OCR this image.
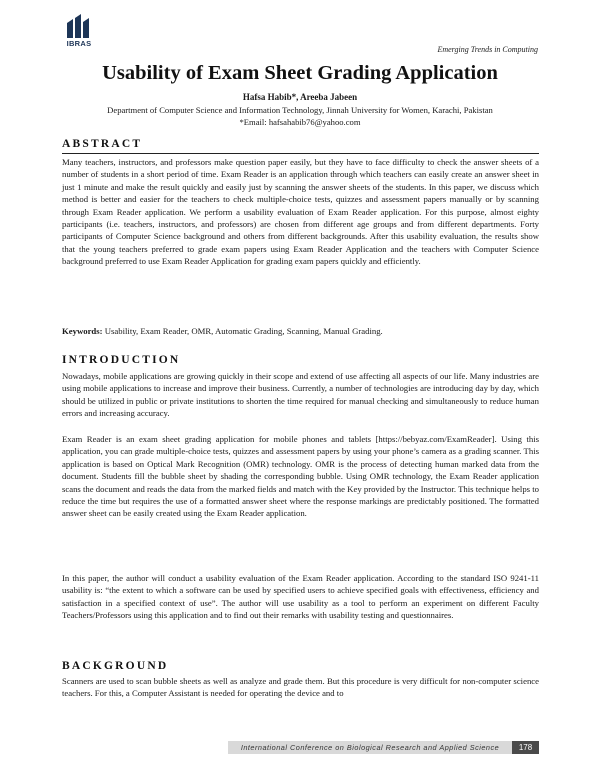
IBRAS
Emerging Trends in Computing
Usability of Exam Sheet Grading Application
Hafsa Habib*, Areeba Jabeen
Department of Computer Science and Information Technology, Jinnah University for Women, Karachi, Pakistan
*Email: hafsahabib76@yahoo.com
ABSTRACT

Many teachers, instructors, and professors make question paper easily, but they have to face difficulty to check the answer sheets of a number of students in a short period of time. Exam Reader is an application through which teachers can easily create an answer sheet in just 1 minute and make the result quickly and easily just by scanning the answer sheets of the students. In this paper, we discuss which method is better and easier for the teachers to check multiple-choice tests, quizzes and assessment papers manually or by scanning through Exam Reader application. We perform a usability evaluation of Exam Reader application. For this purpose, almost eighty participants (i.e. teachers, instructors, and professors) are chosen from different age groups and from different departments. Forty participants of Computer Science background and others from different backgrounds. After this usability evaluation, the results show that the young teachers preferred to grade exam papers using Exam Reader Application and the teachers with Computer Science background preferred to use Exam Reader Application for grading exam papers quickly and efficiently.

Keywords: Usability, Exam Reader, OMR, Automatic Grading, Scanning, Manual Grading.
INTRODUCTION

Nowadays, mobile applications are growing quickly in their scope and extend of use affecting all aspects of our life. Many industries are using mobile applications to increase and improve their business. Currently, a number of technologies are introducing day by day, which should be utilized in public or private institutions to shorten the time required for manual checking and simultaneously to reduce human errors and increasing accuracy.

Exam Reader is an exam sheet grading application for mobile phones and tablets [https://bebyaz.com/ExamReader]. Using this application, you can grade multiple-choice tests, quizzes and assessment papers by using your phone’s camera as a grading scanner. This application is based on Optical Mark Recognition (OMR) technology. OMR is the process of detecting human marked data from the document. Students fill the bubble sheet by shading the corresponding bubble. Using OMR technology, the Exam Reader application scans the document and reads the data from the marked fields and match with the Key provided by the Instructor. This technique helps to reduce the time but requires the use of a formatted answer sheet where the response markings are predictably positioned. The formatted answer sheet can be easily created using the Exam Reader application.

In this paper, the author will conduct a usability evaluation of the Exam Reader application. According to the standard ISO 9241-11 usability is: “the extent to which a software can be used by specified users to achieve specified goals with effectiveness, efficiency and satisfaction in a specified context of use”. The author will use usability as a tool to perform an experiment on different Faculty Teachers/Professors using this application and to find out their remarks with usability testing and questionnaires.

BACKGROUND

Scanners are used to scan bubble sheets as well as analyze and grade them. But this procedure is very difficult for non-computer science teachers. For this, a Computer Assistant is needed for operating the device and to

International Conference on Biological Research and Applied Science	178
